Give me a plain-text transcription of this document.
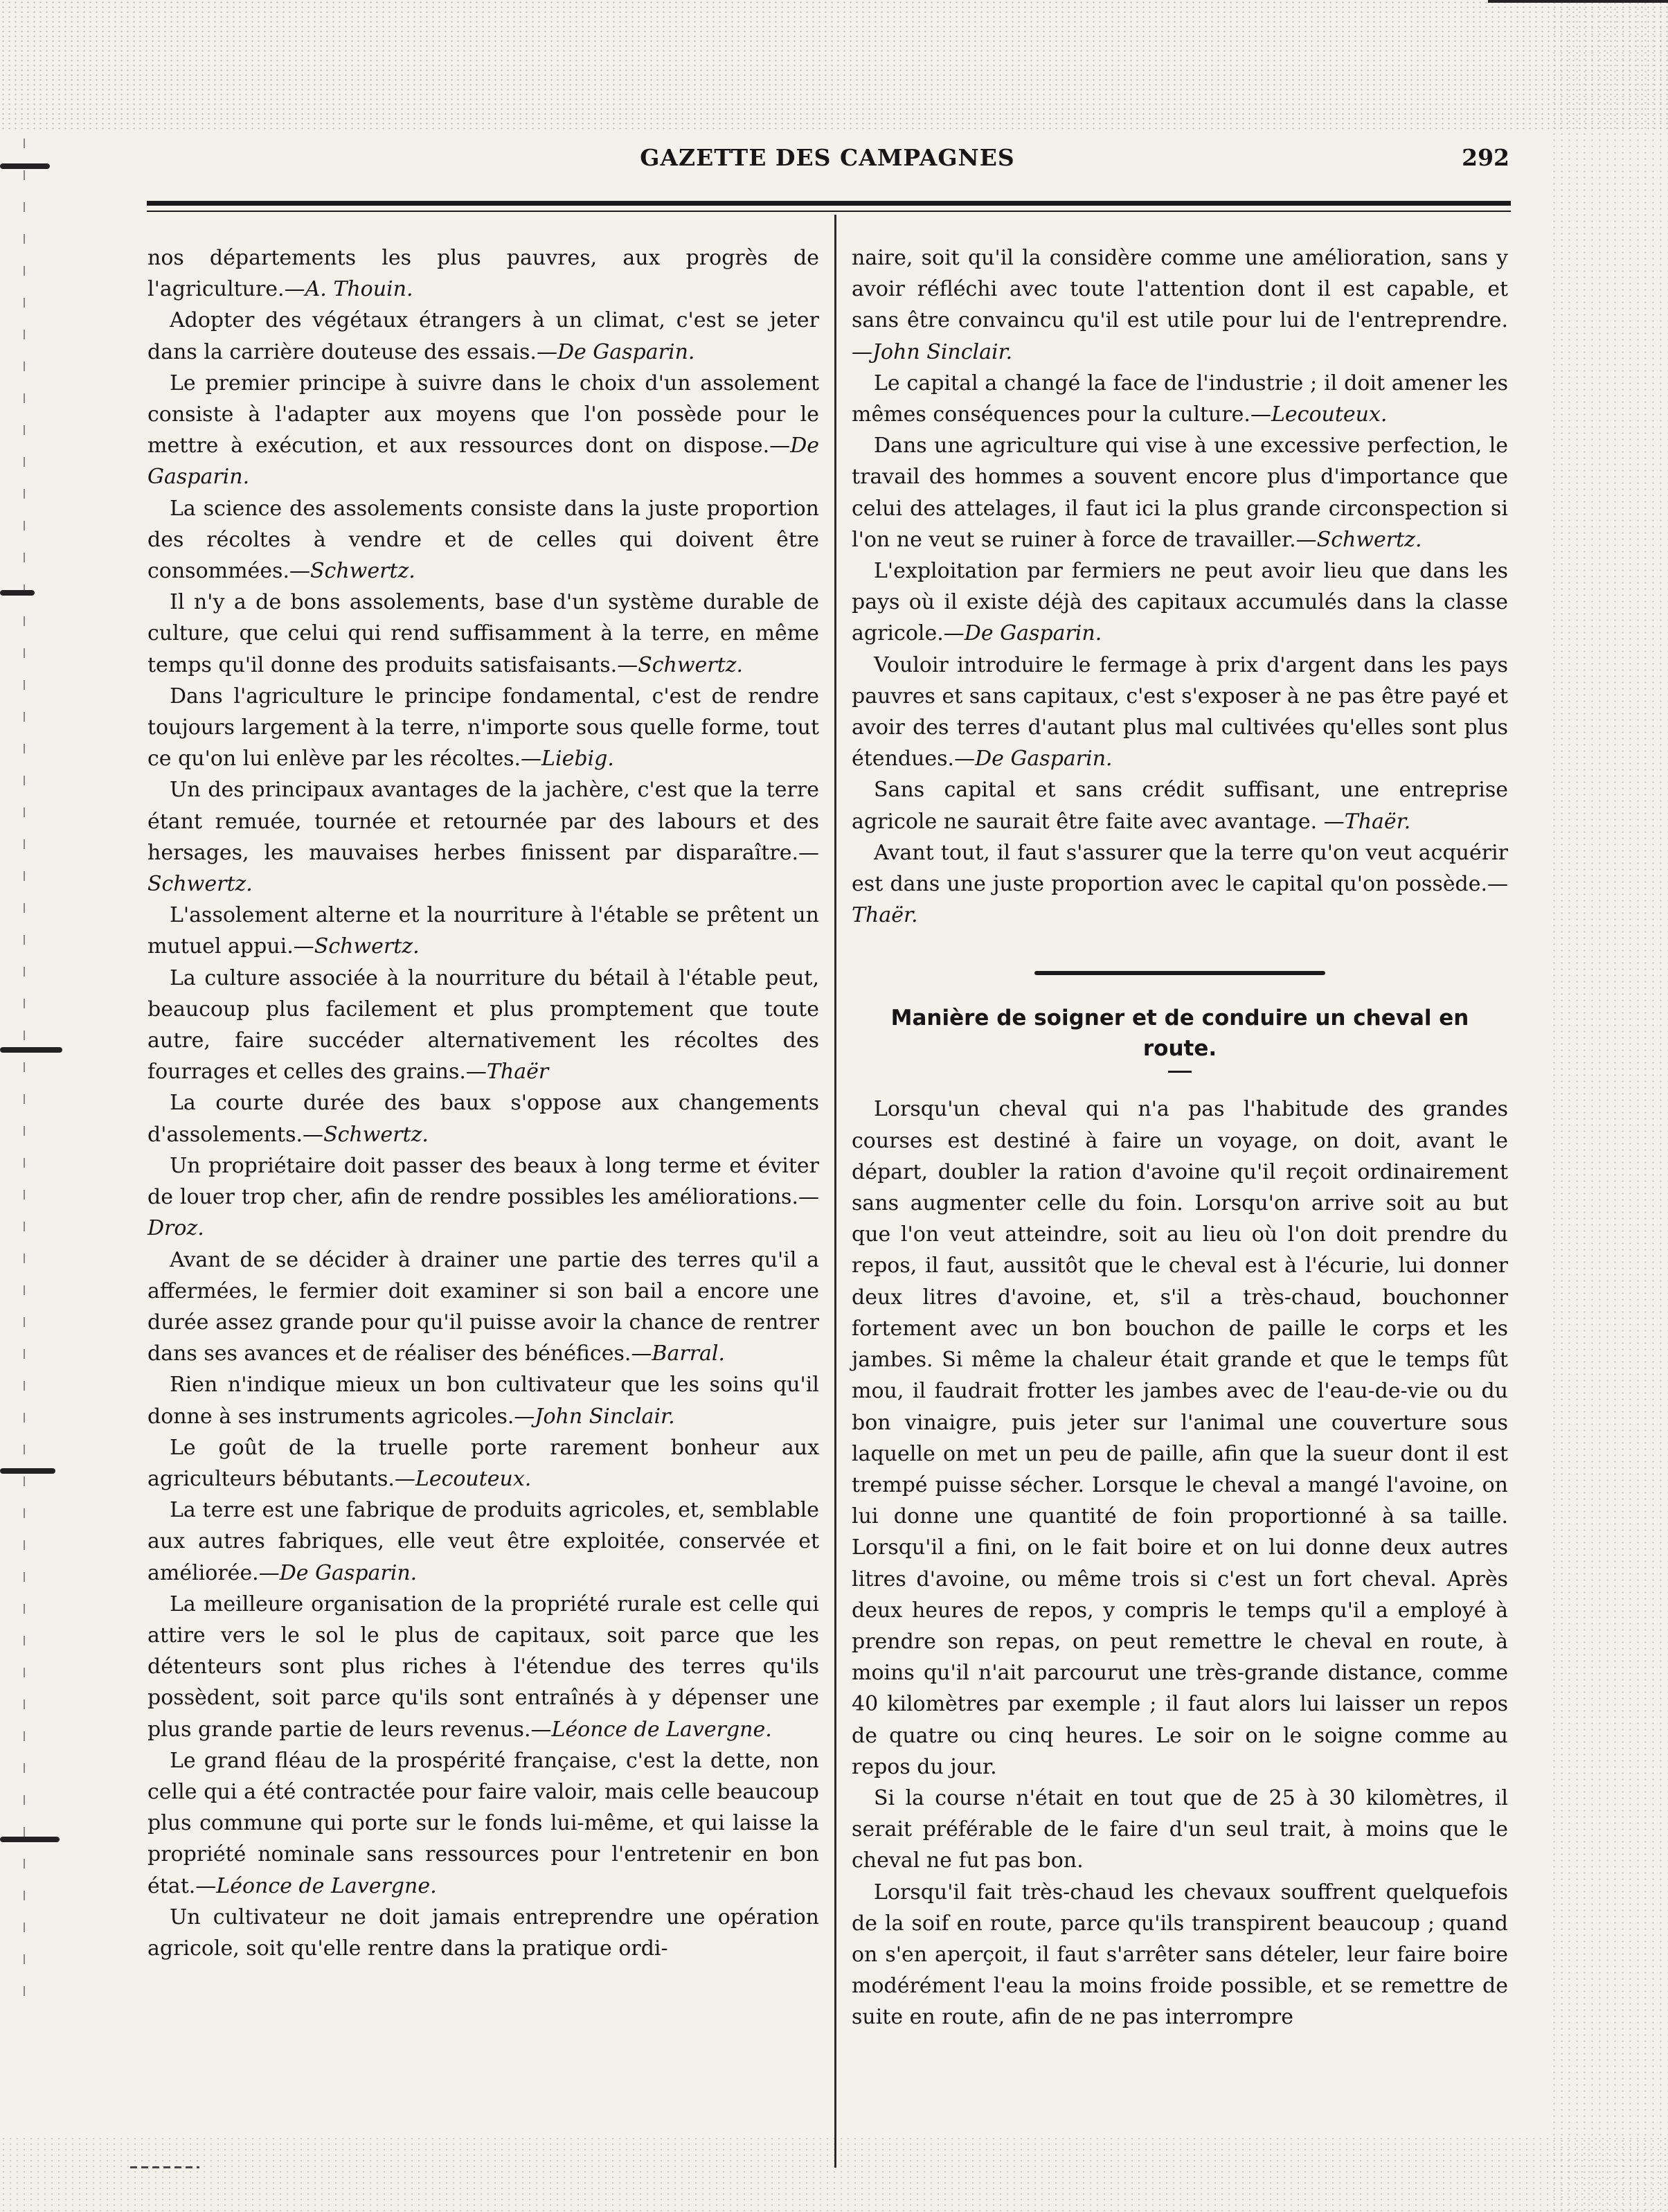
GAZETTE DES CAMPAGNES	292

nos départements les plus pauvres, aux progrès de l'agriculture.—A. Thouin.

Adopter des végétaux étrangers à un climat, c'est se jeter dans la carrière douteuse des essais.—De Gasparin.

Le premier principe à suivre dans le choix d'un assolement consiste à l'adapter aux moyens que l'on possède pour le mettre à exécution, et aux ressources dont on dispose.—De Gasparin.

La science des assolements consiste dans la juste proportion des récoltes à vendre et de celles qui doivent être consommées.—Schwertz.

Il n'y a de bons assolements, base d'un système durable de culture, que celui qui rend suffisamment à la terre, en même temps qu'il donne des produits satisfaisants.—Schwertz.

Dans l'agriculture le principe fondamental, c'est de rendre toujours largement à la terre, n'importe sous quelle forme, tout ce qu'on lui enlève par les récoltes.—Liebig.

Un des principaux avantages de la jachère, c'est que la terre étant remuée, tournée et retournée par des labours et des hersages, les mauvaises herbes finissent par disparaître.—Schwertz.

L'assolement alterne et la nourriture à l'étable se prêtent un mutuel appui.—Schwertz.

La culture associée à la nourriture du bétail à l'étable peut, beaucoup plus facilement et plus promptement que toute autre, faire succéder alternativement les récoltes des fourrages et celles des grains.—Thaër

La courte durée des baux s'oppose aux changements d'assolements.—Schwertz.

Un propriétaire doit passer des beaux à long terme et éviter de louer trop cher, afin de rendre possibles les améliorations.—Droz.

Avant de se décider à drainer une partie des terres qu'il a affermées, le fermier doit examiner si son bail a encore une durée assez grande pour qu'il puisse avoir la chance de rentrer dans ses avances et de réaliser des bénéfices.—Barral.

Rien n'indique mieux un bon cultivateur que les soins qu'il donne à ses instruments agricoles.—John Sinclair.

Le goût de la truelle porte rarement bonheur aux agriculteurs bébutants.—Lecouteux.

La terre est une fabrique de produits agricoles, et, semblable aux autres fabriques, elle veut être exploitée, conservée et améliorée.—De Gasparin.

La meilleure organisation de la propriété rurale est celle qui attire vers le sol le plus de capitaux, soit parce que les détenteurs sont plus riches à l'étendue des terres qu'ils possèdent, soit parce qu'ils sont entraînés à y dépenser une plus grande partie de leurs revenus.—Léonce de Lavergne.

Le grand fléau de la prospérité française, c'est la dette, non celle qui a été contractée pour faire valoir, mais celle beaucoup plus commune qui porte sur le fonds lui-même, et qui laisse la propriété nominale sans ressources pour l'entretenir en bon état.—Léonce de Lavergne.

Un cultivateur ne doit jamais entreprendre une opération agricole, soit qu'elle rentre dans la pratique ordi-

naire, soit qu'il la considère comme une amélioration, sans y avoir réfléchi avec toute l'attention dont il est capable, et sans être convaincu qu'il est utile pour lui de l'entreprendre.—John Sinclair.

Le capital a changé la face de l'industrie ; il doit amener les mêmes conséquences pour la culture.—Lecouteux.

Dans une agriculture qui vise à une excessive perfection, le travail des hommes a souvent encore plus d'importance que celui des attelages, il faut ici la plus grande circonspection si l'on ne veut se ruiner à force de travailler.—Schwertz.

L'exploitation par fermiers ne peut avoir lieu que dans les pays où il existe déjà des capitaux accumulés dans la classe agricole.—De Gasparin.

Vouloir introduire le fermage à prix d'argent dans les pays pauvres et sans capitaux, c'est s'exposer à ne pas être payé et avoir des terres d'autant plus mal cultivées qu'elles sont plus étendues.—De Gasparin.

Sans capital et sans crédit suffisant, une entreprise agricole ne saurait être faite avec avantage. —Thaër.

Avant tout, il faut s'assurer que la terre qu'on veut acquérir est dans une juste proportion avec le capital qu'on possède.—Thaër.

Manière de soigner et de conduire un cheval en route.

Lorsqu'un cheval qui n'a pas l'habitude des grandes courses est destiné à faire un voyage, on doit, avant le départ, doubler la ration d'avoine qu'il reçoit ordinairement sans augmenter celle du foin. Lorsqu'on arrive soit au but que l'on veut atteindre, soit au lieu où l'on doit prendre du repos, il faut, aussitôt que le cheval est à l'écurie, lui donner deux litres d'avoine, et, s'il a très-chaud, bouchonner fortement avec un bon bouchon de paille le corps et les jambes. Si même la chaleur était grande et que le temps fût mou, il faudrait frotter les jambes avec de l'eau-de-vie ou du bon vinaigre, puis jeter sur l'animal une couverture sous laquelle on met un peu de paille, afin que la sueur dont il est trempé puisse sécher. Lorsque le cheval a mangé l'avoine, on lui donne une quantité de foin proportionné à sa taille. Lorsqu'il a fini, on le fait boire et on lui donne deux autres litres d'avoine, ou même trois si c'est un fort cheval. Après deux heures de repos, y compris le temps qu'il a employé à prendre son repas, on peut remettre le cheval en route, à moins qu'il n'ait parcourut une très-grande distance, comme 40 kilomètres par exemple ; il faut alors lui laisser un repos de quatre ou cinq heures. Le soir on le soigne comme au repos du jour.

Si la course n'était en tout que de 25 à 30 kilomètres, il serait préférable de le faire d'un seul trait, à moins que le cheval ne fut pas bon.

Lorsqu'il fait très-chaud les chevaux souffrent quelquefois de la soif en route, parce qu'ils transpirent beaucoup ; quand on s'en aperçoit, il faut s'arrêter sans dételer, leur faire boire modérément l'eau la moins froide possible, et se remettre de suite en route, afin de ne pas interrompre
